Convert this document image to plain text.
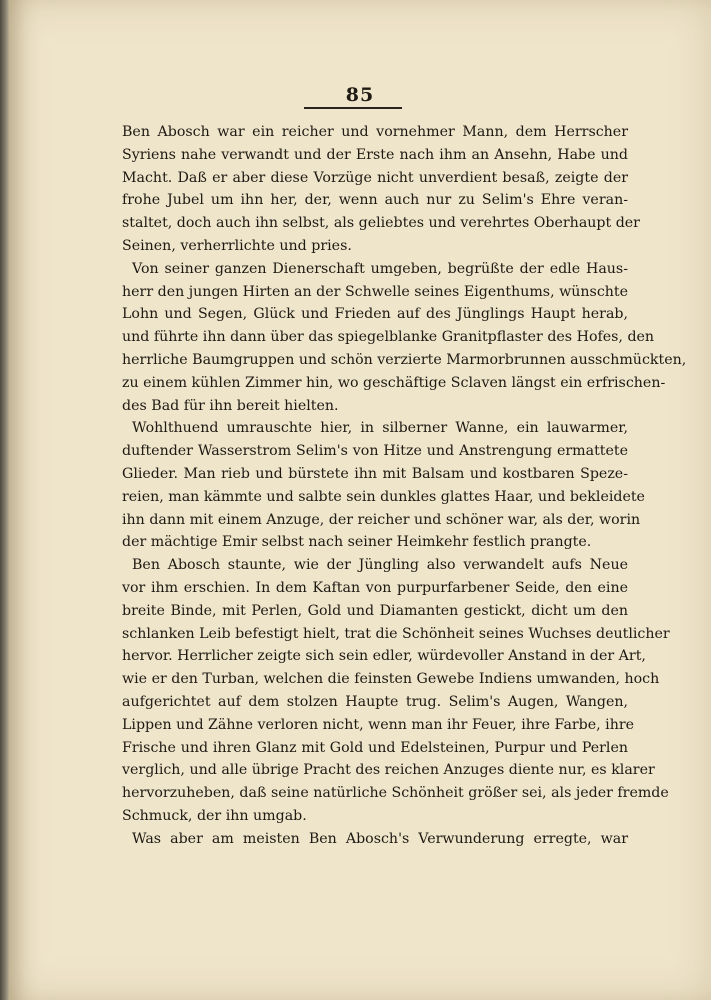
85
Ben Abosch war ein reicher und vornehmer Mann, dem Herrscher
Syriens nahe verwandt und der Erste nach ihm an Ansehn, Habe und
Macht. Daß er aber diese Vorzüge nicht unverdient besaß, zeigte der
frohe Jubel um ihn her, der, wenn auch nur zu Selim's Ehre veran-
staltet, doch auch ihn selbst, als geliebtes und verehrtes Oberhaupt der
Seinen, verherrlichte und pries.
Von seiner ganzen Dienerschaft umgeben, begrüßte der edle Haus-
herr den jungen Hirten an der Schwelle seines Eigenthums, wünschte
Lohn und Segen, Glück und Frieden auf des Jünglings Haupt herab,
und führte ihn dann über das spiegelblanke Granitpflaster des Hofes, den
herrliche Baumgruppen und schön verzierte Marmorbrunnen ausschmückten,
zu einem kühlen Zimmer hin, wo geschäftige Sclaven längst ein erfrischen-
des Bad für ihn bereit hielten.
Wohlthuend umrauschte hier, in silberner Wanne, ein lauwarmer,
duftender Wasserstrom Selim's von Hitze und Anstrengung ermattete
Glieder. Man rieb und bürstete ihn mit Balsam und kostbaren Speze-
reien, man kämmte und salbte sein dunkles glattes Haar, und bekleidete
ihn dann mit einem Anzuge, der reicher und schöner war, als der, worin
der mächtige Emir selbst nach seiner Heimkehr festlich prangte.
Ben Abosch staunte, wie der Jüngling also verwandelt aufs Neue
vor ihm erschien. In dem Kaftan von purpurfarbener Seide, den eine
breite Binde, mit Perlen, Gold und Diamanten gestickt, dicht um den
schlanken Leib befestigt hielt, trat die Schönheit seines Wuchses deutlicher
hervor. Herrlicher zeigte sich sein edler, würdevoller Anstand in der Art,
wie er den Turban, welchen die feinsten Gewebe Indiens umwanden, hoch
aufgerichtet auf dem stolzen Haupte trug. Selim's Augen, Wangen,
Lippen und Zähne verloren nicht, wenn man ihr Feuer, ihre Farbe, ihre
Frische und ihren Glanz mit Gold und Edelsteinen, Purpur und Perlen
verglich, und alle übrige Pracht des reichen Anzuges diente nur, es klarer
hervorzuheben, daß seine natürliche Schönheit größer sei, als jeder fremde
Schmuck, der ihn umgab.
Was aber am meisten Ben Abosch's Verwunderung erregte, war
